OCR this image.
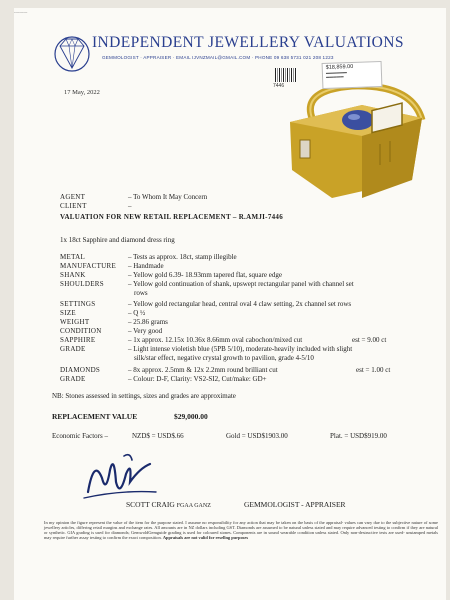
----------
INDEPENDENT JEWELLERY VALUATIONS
GEMMOLOGIST · APPRAISER · EMAIL IJVNZMAIL@GMAIL.COM · PHONE 09 638 5731 021 208 1223
17 May, 2022
$18,859.00
▬▬▬▬▬▬
▬▬▬▬▬
7446
AGENT	– To Whom It May Concern
CLIENT	–
VALUATION FOR NEW RETAIL REPLACEMENT – R.AMJI-7446
1x 18ct Sapphire and diamond dress ring
METAL	– Tests as approx. 18ct, stamp illegible
MANUFACTURE – Handmade
SHANK	– Yellow gold 6.39- 18.93mm tapered flat, square edge
SHOULDERS	– Yellow gold continuation of shank, upswept rectangular panel with channel set
rows
SETTINGS	– Yellow gold rectangular head, central oval 4 claw setting, 2x channel set rows
SIZE	– Q ½
WEIGHT	– 25.86 grams
CONDITION	– Very good
SAPPHIRE	– 1x approx. 12.15x 10.36x 8.66mm oval cabochon/mixed cut	est = 9.00 ct
GRADE	– Light intense violetish blue (5PB 5/10), moderate-heavily included with slight
silk/star effect, negative crystal growth to pavilion, grade 4-5/10
DIAMONDS	– 8x approx. 2.5mm & 12x 2.2mm round brilliant cut	est = 1.00 ct
GRADE	– Colour: D-F, Clarity: VS2-SI2, Cut/make: GD+
NB: Stones assessed in settings, sizes and grades are approximate
REPLACEMENT VALUE	$29,000.00
Economic Factors –	NZD$ = USD$.66	Gold = USD$1903.00	Plat. = USD$919.00
SCOTT CRAIG FGAA GANZ	GEMMOLOGIST - APPRAISER
In my opinion the figure represent the value of the item for the purpose stated. I assume no responsibility for any action that may be taken on the basis of the appraisal- values can vary due to the subjective nature of some jewellery articles, differing retail margins and exchange rates. All amounts are in NZ dollars including GST. Diamonds are assumed to be natural unless stated and may require advanced testing to confirm if they are natural or synthetic. GIA grading is used for diamonds; GemwoldGemguide grading is used for coloured stones. Components are in sound wearable condition unless stated. Only non-destructive tests are used- unstamped metals may require further assay testing to confirm the exact composition. Appraisals are not valid for resellng purposes
